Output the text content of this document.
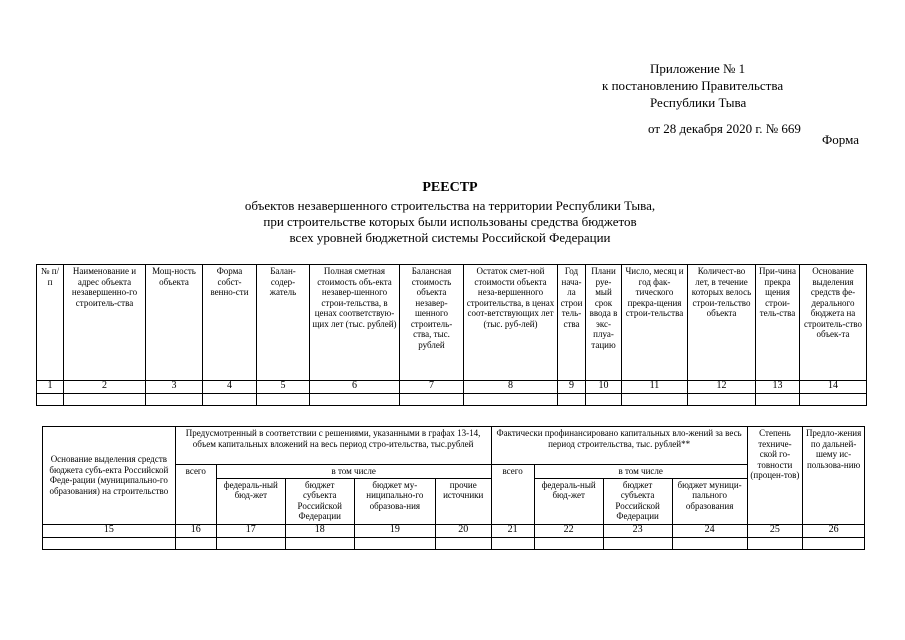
Приложение № 1
к постановлению Правительства
Республики Тыва
от 28 декабря 2020 г. № 669
Форма
РЕЕСТР
объектов незавершенного строительства на территории Республики Тыва,
при строительстве которых были использованы средства бюджетов
всех уровней бюджетной системы Российской Федерации
№ п/п	Наименование и адрес объекта незавершенно-го строитель-ства	Мощ-ность объекта	Форма собст-веннo-сти	Балан-содер-жатель	Полная сметная стоимость объ-екта незавер-шенного строи-тельства, в ценах соответствую-щих лет (тыс. рублей)	Балансная стоимость объекта незавер-шенного строитель-ства, тыс. рублей	Остаток смет-ной стоимости объекта неза-вершенного строительства, в ценах соот-ветствующих лет (тыс. руб-лей)	Год нача-ла строи тель-ства	Плани руе-мый срок ввода в экс-плуа-тацию	Число, месяц и год фак-тического прекра-щения строи-тельства	Количест-во лет, в течение которых велось строи-тельство объекта	При-чина прекра щения строи-тель-ства	Основание выделения средств фе-дерального бюджета на строитель-ство объек-та
1	2	3	4	5	6	7	8	9	10	11	12	13	14

Основание выделения средств бюджета субъ-екта Российской Феде-рации (муниципально-го образования) на строительство	Предусмотренный в соответствии с решениями, указанными в графах 13-14, объем капитальных вложений на весь период стро-ительства, тыс.рублей					Фактически профинансировано капитальных вло-жений за весь период строительства, тыс. рублей**				Степень техниче-ской го-товности (процен-тов)	Предло-жения по дальней-шему ис-пользова-нию
	всего	в том числе				всего	в том числе				
		федераль-ный бюд-жет	бюджет субъекта Российской Федерации	бюджет му-ниципально-го образова-ния	прочие источники		федераль-ный бюд-жет	бюджет субъекта Российской Федерации	бюджет муници-пального образования		
15	16	17	18	19	20	21	22	23	24	25	26
